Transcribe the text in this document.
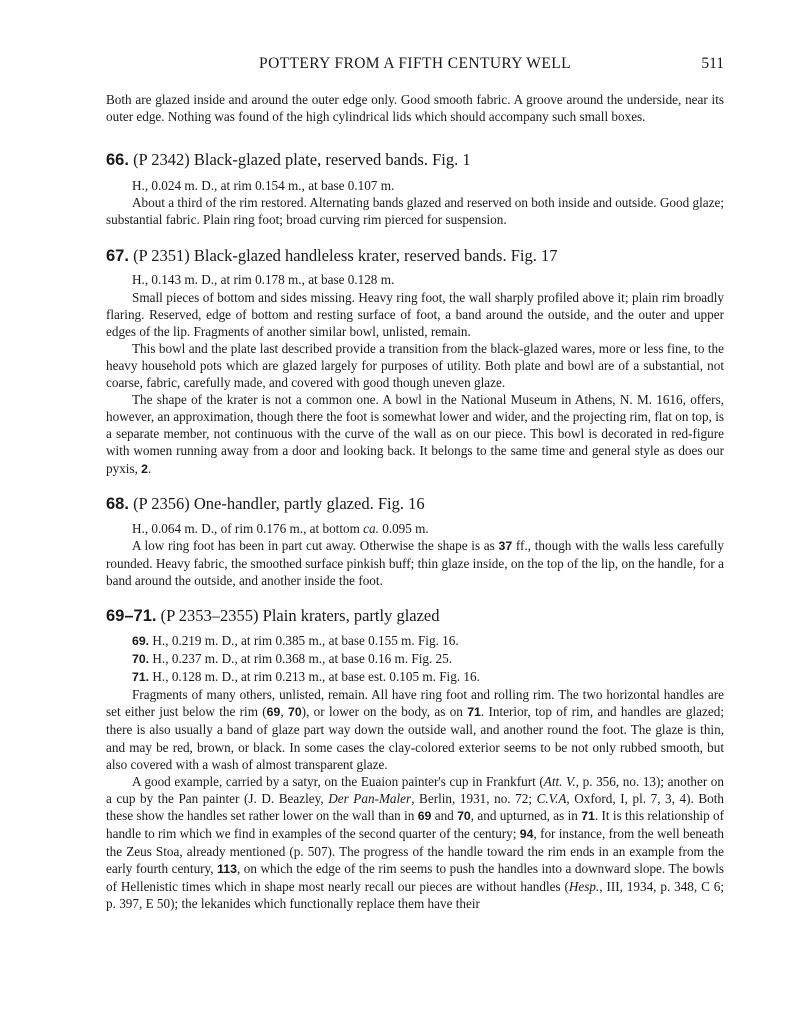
POTTERY FROM A FIFTH CENTURY WELL	511

Both are glazed inside and around the outer edge only. Good smooth fabric. A groove around the underside, near its outer edge. Nothing was found of the high cylindrical lids which should accompany such small boxes.

66. (P 2342) Black-glazed plate, reserved bands. Fig. 1

H., 0.024 m. D., at rim 0.154 m., at base 0.107 m.

About a third of the rim restored. Alternating bands glazed and reserved on both inside and outside. Good glaze; substantial fabric. Plain ring foot; broad curving rim pierced for suspension.

67. (P 2351) Black-glazed handleless krater, reserved bands. Fig. 17

H., 0.143 m. D., at rim 0.178 m., at base 0.128 m.

Small pieces of bottom and sides missing. Heavy ring foot, the wall sharply profiled above it; plain rim broadly flaring. Reserved, edge of bottom and resting surface of foot, a band around the outside, and the outer and upper edges of the lip. Fragments of another similar bowl, unlisted, remain.

This bowl and the plate last described provide a transition from the black-glazed wares, more or less fine, to the heavy household pots which are glazed largely for purposes of utility. Both plate and bowl are of a substantial, not coarse, fabric, carefully made, and covered with good though uneven glaze.

The shape of the krater is not a common one. A bowl in the National Museum in Athens, N. M. 1616, offers, however, an approximation, though there the foot is somewhat lower and wider, and the projecting rim, flat on top, is a separate member, not continuous with the curve of the wall as on our piece. This bowl is decorated in red-figure with women running away from a door and looking back. It belongs to the same time and general style as does our pyxis, 2.

68. (P 2356) One-handler, partly glazed. Fig. 16

H., 0.064 m. D., of rim 0.176 m., at bottom ca. 0.095 m.

A low ring foot has been in part cut away. Otherwise the shape is as 37 ff., though with the walls less carefully rounded. Heavy fabric, the smoothed surface pinkish buff; thin glaze inside, on the top of the lip, on the handle, for a band around the outside, and another inside the foot.

69–71. (P 2353–2355) Plain kraters, partly glazed

69. H., 0.219 m. D., at rim 0.385 m., at base 0.155 m. Fig. 16.

70. H., 0.237 m. D., at rim 0.368 m., at base 0.16 m. Fig. 25.

71. H., 0.128 m. D., at rim 0.213 m., at base est. 0.105 m. Fig. 16.

Fragments of many others, unlisted, remain. All have ring foot and rolling rim. The two horizontal handles are set either just below the rim (69, 70), or lower on the body, as on 71. Interior, top of rim, and handles are glazed; there is also usually a band of glaze part way down the outside wall, and another round the foot. The glaze is thin, and may be red, brown, or black. In some cases the clay-colored exterior seems to be not only rubbed smooth, but also covered with a wash of almost transparent glaze.

A good example, carried by a satyr, on the Euaion painter's cup in Frankfurt (Att. V., p. 356, no. 13); another on a cup by the Pan painter (J. D. Beazley, Der Pan-Maler, Berlin, 1931, no. 72; C.V.A, Oxford, I, pl. 7, 3, 4). Both these show the handles set rather lower on the wall than in 69 and 70, and upturned, as in 71. It is this relationship of handle to rim which we find in examples of the second quarter of the century; 94, for instance, from the well beneath the Zeus Stoa, already mentioned (p. 507). The progress of the handle toward the rim ends in an example from the early fourth century, 113, on which the edge of the rim seems to push the handles into a downward slope. The bowls of Hellenistic times which in shape most nearly recall our pieces are without handles (Hesp., III, 1934, p. 348, C 6; p. 397, E 50); the lekanides which functionally replace them have their
